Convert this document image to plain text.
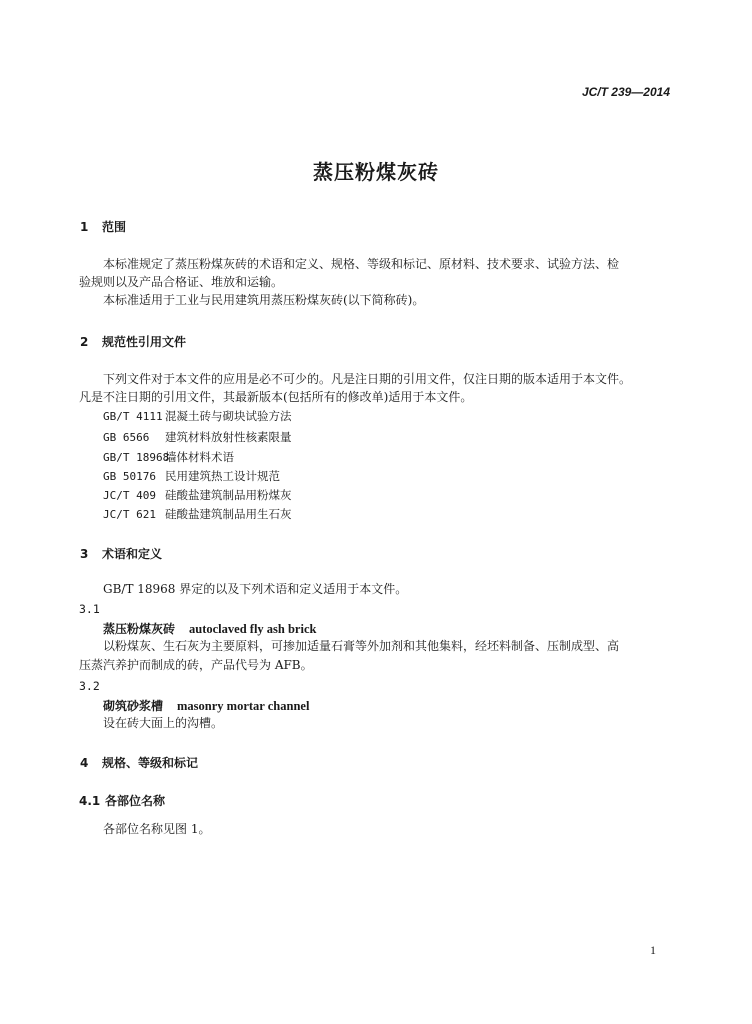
JC/T 239—2014
蒸压粉煤灰砖
1 范围
本标准规定了蒸压粉煤灰砖的术语和定义、规格、等级和标记、原材料、技术要求、试验方法、检
验规则以及产品合格证、堆放和运输。
本标准适用于工业与民用建筑用蒸压粉煤灰砖(以下简称砖)。
2 规范性引用文件
下列文件对于本文件的应用是必不可少的。凡是注日期的引用文件，仅注日期的版本适用于本文件。
凡是不注日期的引用文件，其最新版本(包括所有的修改单)适用于本文件。
GB/T 4111 混凝土砖与砌块试验方法
GB 6566 建筑材料放射性核素限量
GB/T 18968墙体材料术语
GB 50176 民用建筑热工设计规范
JC/T 409 硅酸盐建筑制品用粉煤灰
JC/T 621 硅酸盐建筑制品用生石灰
3 术语和定义
GB/T 18968 界定的以及下列术语和定义适用于本文件。
3.1
蒸压粉煤灰砖 autoclaved fly ash brick
以粉煤灰、生石灰为主要原料，可掺加适量石膏等外加剂和其他集料，经坯料制备、压制成型、高
压蒸汽养护而制成的砖，产品代号为 AFB。
3.2
砌筑砂浆槽 masonry mortar channel
设在砖大面上的沟槽。
4 规格、等级和标记
4.1 各部位名称
各部位名称见图 1。
1
